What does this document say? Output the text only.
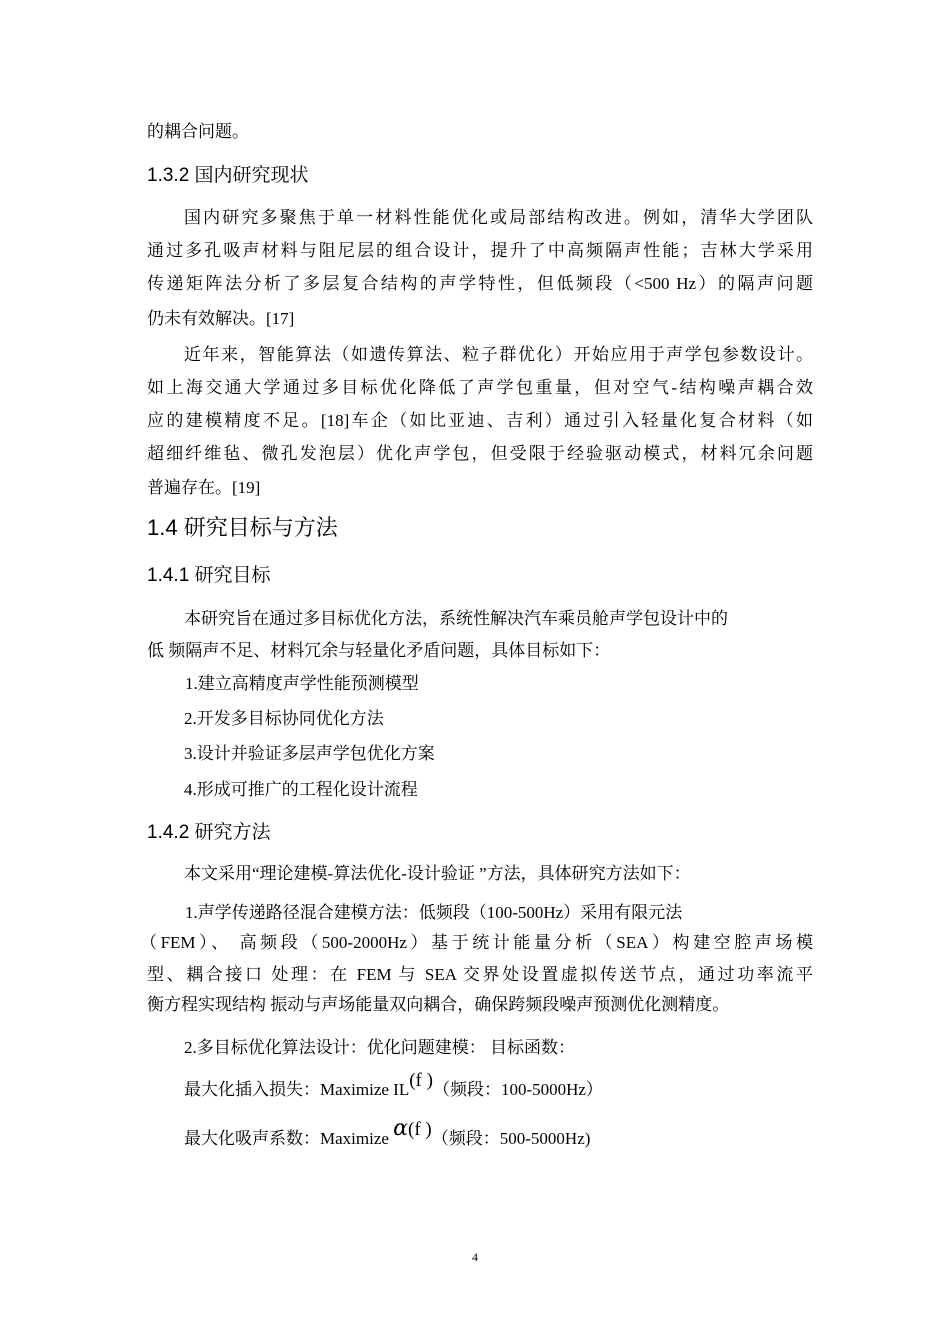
的耦合问题。
1.3.2 国内研究现状
国内研究多聚焦于单一材料性能优化或局部结构改进。例如，清华大学团队
通过多孔吸声材料与阻尼层的组合设计，提升了中高频隔声性能；吉林大学采用
传递矩阵法分析了多层复合结构的声学特性，但低频段（<500 Hz）的隔声问题
仍未有效解决。[17]
近年来，智能算法（如遗传算法、粒子群优化）开始应用于声学包参数设计。
如上海交通大学通过多目标优化降低了声学包重量，但对空气-结构噪声耦合效
应的建模精度不足。[18]车企（如比亚迪、吉利）通过引入轻量化复合材料（如
超细纤维毡、微孔发泡层）优化声学包，但受限于经验驱动模式，材料冗余问题
普遍存在。[19]
1.4 研究目标与方法
1.4.1 研究目标
本研究旨在通过多目标优化方法，系统性解决汽车乘员舱声学包设计中的
低 频隔声不足、材料冗余与轻量化矛盾问题，具体目标如下：
1.建立高精度声学性能预测模型
2.开发多目标协同优化方法
3.设计并验证多层声学包优化方案
4.形成可推广的工程化设计流程
1.4.2 研究方法
本文采用“理论建模-算法优化-设计验证 ”方法，具体研究方法如下：
1.声学传递路径混合建模方法：低频段（100-500Hz）采用有限元法
（FEM）、 高频段（500-2000Hz）基于统计能量分析（SEA）构建空腔声场模
型、耦合接口 处理：在 FEM 与 SEA 交界处设置虚拟传送节点，通过功率流平
衡方程实现结构 振动与声场能量双向耦合，确保跨频段噪声预测优化测精度。
2.多目标优化算法设计：优化问题建模： 目标函数：
最大化插入损失：Maximize IL(f )（频段：100-5000Hz）
最大化吸声系数：Maximize α(f )（频段：500-5000Hz)
4
